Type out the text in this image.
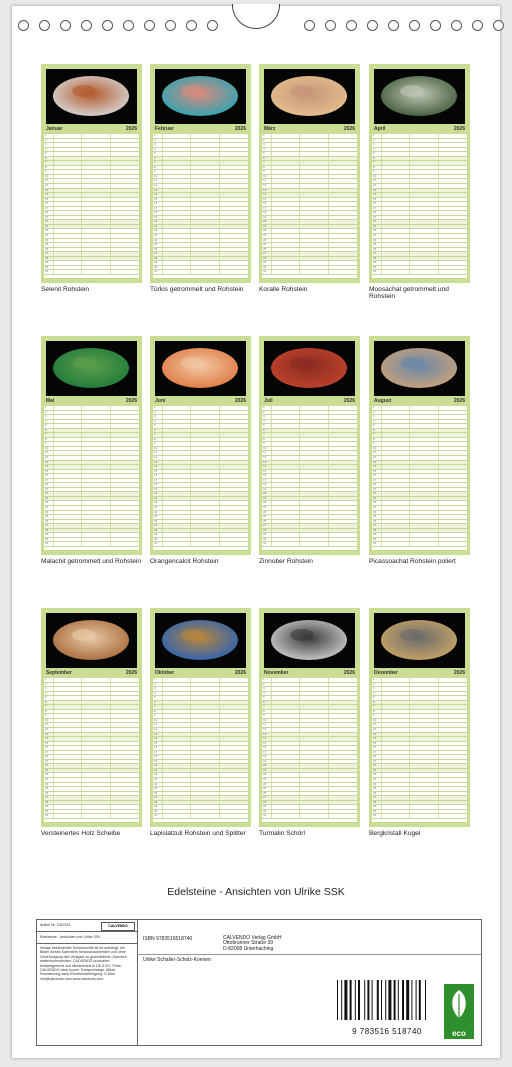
Januar	2026
1
2
3
4
5
6
7
8
9
10
11
12
13
14
15
16
17
18
19
20
21
22
23
24
25
26
27
28
29
30
31
Selenit Rohstein
Februar	2026
1
2
3
4
5
6
7
8
9
10
11
12
13
14
15
16
17
18
19
20
21
22
23
24
25
26
27
28
29
30
31
Türkis getrommelt und Rohstein
März	2026
1
2
3
4
5
6
7
8
9
10
11
12
13
14
15
16
17
18
19
20
21
22
23
24
25
26
27
28
29
30
31
Koralle Rohstein
April	2026
1
2
3
4
5
6
7
8
9
10
11
12
13
14
15
16
17
18
19
20
21
22
23
24
25
26
27
28
29
30
31
Moosachat getrommelt und Rohstein
Mai	2026
1
2
3
4
5
6
7
8
9
10
11
12
13
14
15
16
17
18
19
20
21
22
23
24
25
26
27
28
29
30
31
Malachit getrommelt und Rohstein
Juni	2026
1
2
3
4
5
6
7
8
9
10
11
12
13
14
15
16
17
18
19
20
21
22
23
24
25
26
27
28
29
30
31
Orangencalcit Rohstein
Juli	2026
1
2
3
4
5
6
7
8
9
10
11
12
13
14
15
16
17
18
19
20
21
22
23
24
25
26
27
28
29
30
31
Zinnober Rohstein
August	2026
1
2
3
4
5
6
7
8
9
10
11
12
13
14
15
16
17
18
19
20
21
22
23
24
25
26
27
28
29
30
31
Picassoachat Rohstein poliert
September	2026
1
2
3
4
5
6
7
8
9
10
11
12
13
14
15
16
17
18
19
20
21
22
23
24
25
26
27
28
29
30
31
Versteinertes Holz Scheibe
Oktober	2026
1
2
3
4
5
6
7
8
9
10
11
12
13
14
15
16
17
18
19
20
21
22
23
24
25
26
27
28
29
30
31
Lapislatzuli Rohstein und Splitter
November	2026
1
2
3
4
5
6
7
8
9
10
11
12
13
14
15
16
17
18
19
20
21
22
23
24
25
26
27
28
29
30
31
Turmalin Schörl
Dezember	2026
1
2
3
4
5
6
7
8
9
10
11
12
13
14
15
16
17
18
19
20
21
22
23
24
25
26
27
28
29
30
31
Bergkristall Kugel
Edelsteine - Ansichten von Ulrike SSK
Artikel Nr. 2067631	CALVENDO
Edelsteine - Ansichten von Ulrike SSK
Infolge bestehender Schutzrechte ist es unbefugt, die Bilder dieses Kalenders herauszuschneiden und ohne Genehmigung des Verlages zu gewerblichen Zwecken weiterzuverwenden. CALVENDO produziert bedarfsgerecht und klimaneutral in DE & EU. Preis: CALVENDO dank kurzer Transportwege. Abfall-Reduzierung dank Einzelstückfertigung. E-Mail: info@calvendo.com www.calvendo.com
ISBN 9783516518740	CALVENDO Verlag GmbH
Ottobrunner Straße 39
D-82008 Unterhaching
Ulrike Schaller-Scholz-Koenen
9 783516 518740	eco
